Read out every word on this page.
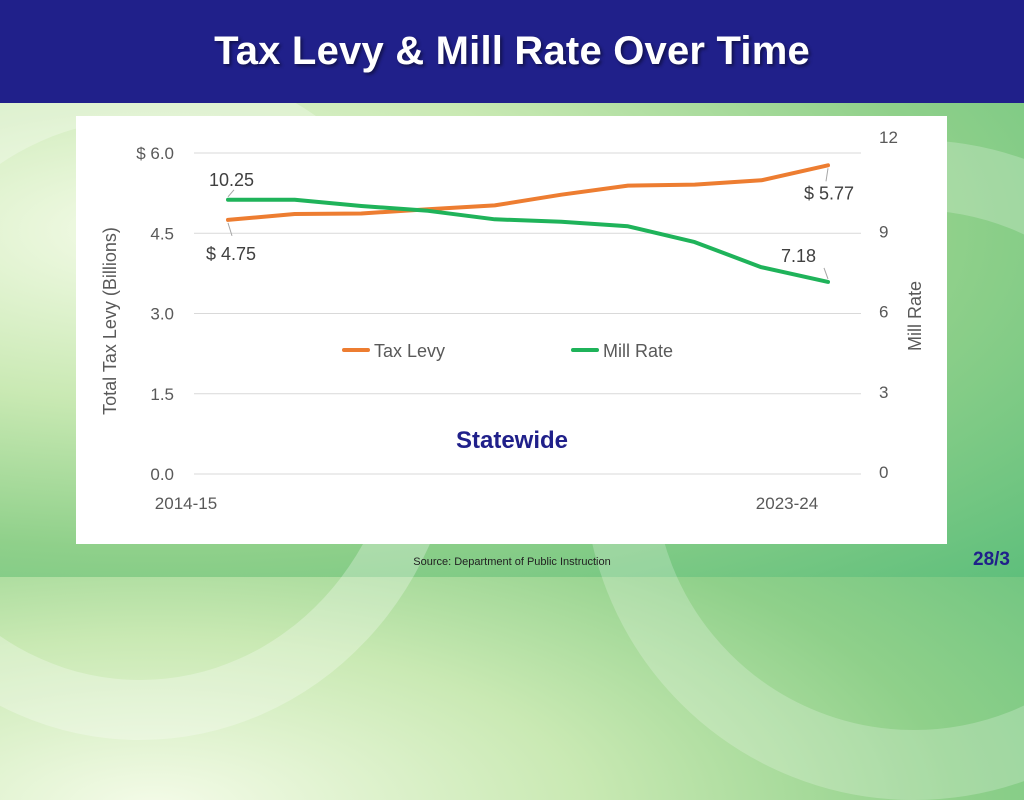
Tax Levy & Mill Rate Over Time
0.0
1.5
3.0
4.5
$ 6.0
0
3
6
9
12
2014-15	2023-24
Total Tax Levy (Billions)	Mill Rate
$ 4.75
$ 5.77
10.25
7.18
Tax Levy	Mill Rate
Statewide
Source: Department of Public Instruction	28/3
